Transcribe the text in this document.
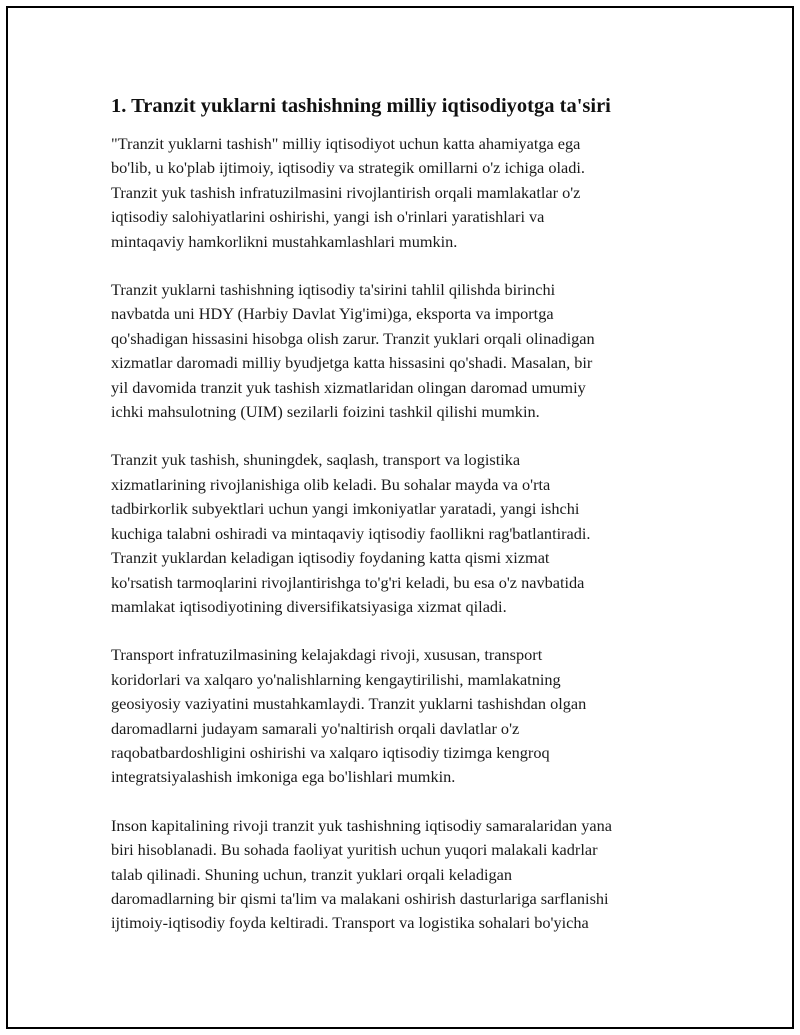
1. Tranzit yuklarni tashishning milliy iqtisodiyotga ta'siri

"Tranzit yuklarni tashish" milliy iqtisodiyot uchun katta ahamiyatga ega
bo'lib, u ko'plab ijtimoiy, iqtisodiy va strategik omillarni o'z ichiga oladi.
Tranzit yuk tashish infratuzilmasini rivojlantirish orqali mamlakatlar o'z
iqtisodiy salohiyatlarini oshirishi, yangi ish o'rinlari yaratishlari va
mintaqaviy hamkorlikni mustahkamlashlari mumkin.

Tranzit yuklarni tashishning iqtisodiy ta'sirini tahlil qilishda birinchi
navbatda uni HDY (Harbiy Davlat Yig'imi)ga, eksporta va importga
qo'shadigan hissasini hisobga olish zarur. Tranzit yuklari orqali olinadigan
xizmatlar daromadi milliy byudjetga katta hissasini qo'shadi. Masalan, bir
yil davomida tranzit yuk tashish xizmatlaridan olingan daromad umumiy
ichki mahsulotning (UIM) sezilarli foizini tashkil qilishi mumkin.

Tranzit yuk tashish, shuningdek, saqlash, transport va logistika
xizmatlarining rivojlanishiga olib keladi. Bu sohalar mayda va o'rta
tadbirkorlik subyektlari uchun yangi imkoniyatlar yaratadi, yangi ishchi
kuchiga talabni oshiradi va mintaqaviy iqtisodiy faollikni rag'batlantiradi.
Tranzit yuklardan keladigan iqtisodiy foydaning katta qismi xizmat
ko'rsatish tarmoqlarini rivojlantirishga to'g'ri keladi, bu esa o'z navbatida
mamlakat iqtisodiyotining diversifikatsiyasiga xizmat qiladi.

Transport infratuzilmasining kelajakdagi rivoji, xususan, transport
koridorlari va xalqaro yo'nalishlarning kengaytirilishi, mamlakatning
geosiyosiy vaziyatini mustahkamlaydi. Tranzit yuklarni tashishdan olgan
daromadlarni judayam samarali yo'naltirish orqali davlatlar o'z
raqobatbardoshligini oshirishi va xalqaro iqtisodiy tizimga kengroq
integratsiyalashish imkoniga ega bo'lishlari mumkin.

Inson kapitalining rivoji tranzit yuk tashishning iqtisodiy samaralaridan yana
biri hisoblanadi. Bu sohada faoliyat yuritish uchun yuqori malakali kadrlar
talab qilinadi. Shuning uchun, tranzit yuklari orqali keladigan
daromadlarning bir qismi ta'lim va malakani oshirish dasturlariga sarflanishi
ijtimoiy-iqtisodiy foyda keltiradi. Transport va logistika sohalari bo'yicha
